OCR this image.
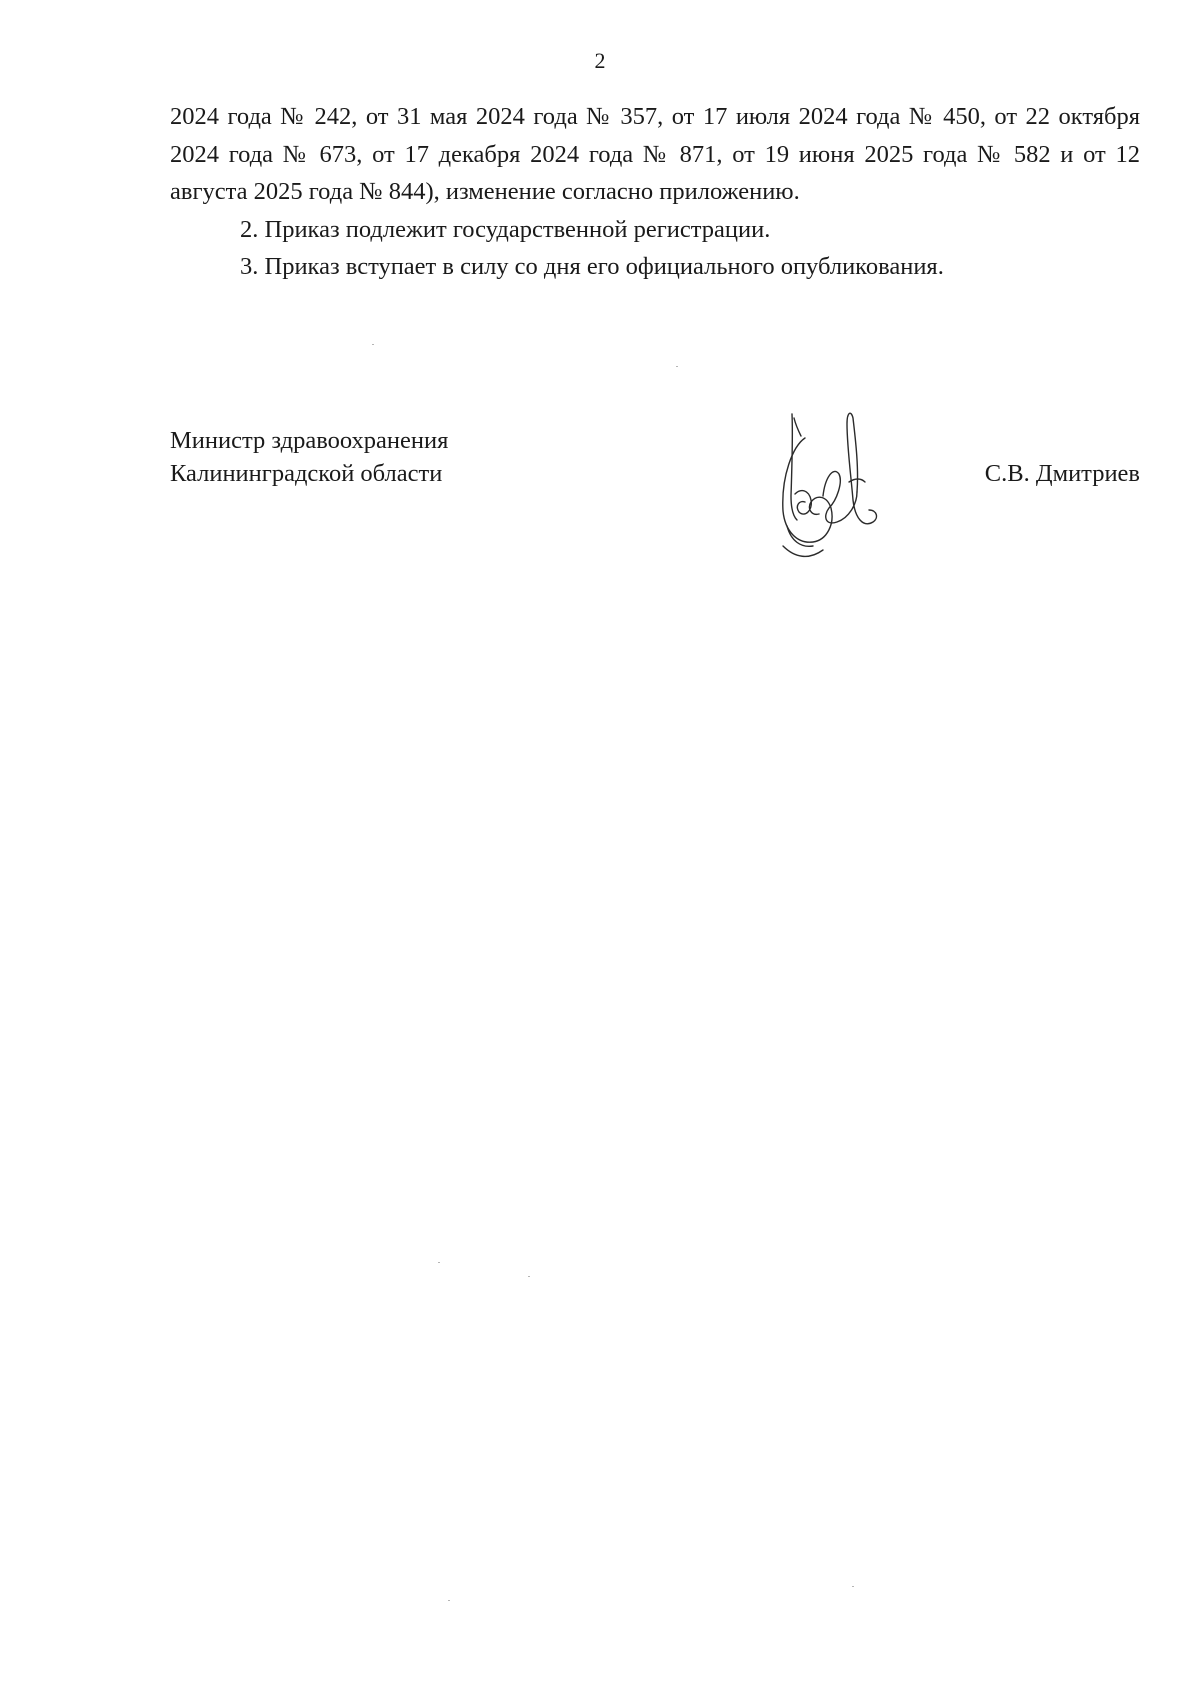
2

2024 года № 242, от 31 мая 2024 года № 357, от 17 июля 2024 года № 450, от 22 октября 2024 года № 673, от 17 декабря 2024 года № 871, от 19 июня 2025 года № 582 и от 12 августа 2025 года № 844), изменение согласно приложению.

2. Приказ подлежит государственной регистрации.

3. Приказ вступает в силу со дня его официального опубликования.

Министр здравоохранения
Калининградской области	С.В. Дмитриев
